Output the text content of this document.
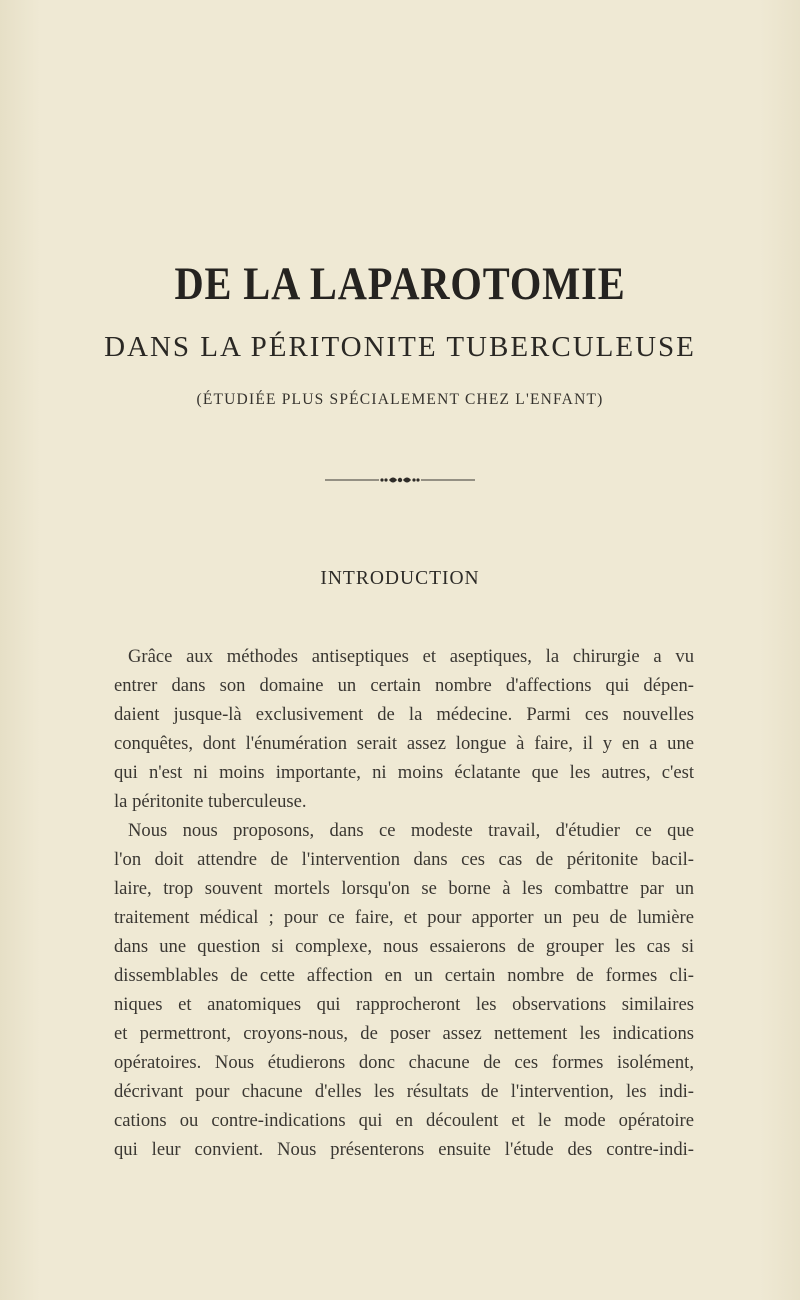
DE LA LAPAROTOMIE
DANS LA PÉRITONITE TUBERCULEUSE
(ÉTUDIÉE PLUS SPÉCIALEMENT CHEZ L'ENFANT)
INTRODUCTION
Grâce aux méthodes antiseptiques et aseptiques, la chirurgie a vu
entrer dans son domaine un certain nombre d'affections qui dépen-
daient jusque-là exclusivement de la médecine. Parmi ces nouvelles
conquêtes, dont l'énumération serait assez longue à faire, il y en a une
qui n'est ni moins importante, ni moins éclatante que les autres, c'est
la péritonite tuberculeuse.
Nous nous proposons, dans ce modeste travail, d'étudier ce que
l'on doit attendre de l'intervention dans ces cas de péritonite bacil-
laire, trop souvent mortels lorsqu'on se borne à les combattre par un
traitement médical ; pour ce faire, et pour apporter un peu de lumière
dans une question si complexe, nous essaierons de grouper les cas si
dissemblables de cette affection en un certain nombre de formes cli-
niques et anatomiques qui rapprocheront les observations similaires
et permettront, croyons-nous, de poser assez nettement les indications
opératoires. Nous étudierons donc chacune de ces formes isolément,
décrivant pour chacune d'elles les résultats de l'intervention, les indi-
cations ou contre-indications qui en découlent et le mode opératoire
qui leur convient. Nous présenterons ensuite l'étude des contre-indi-
